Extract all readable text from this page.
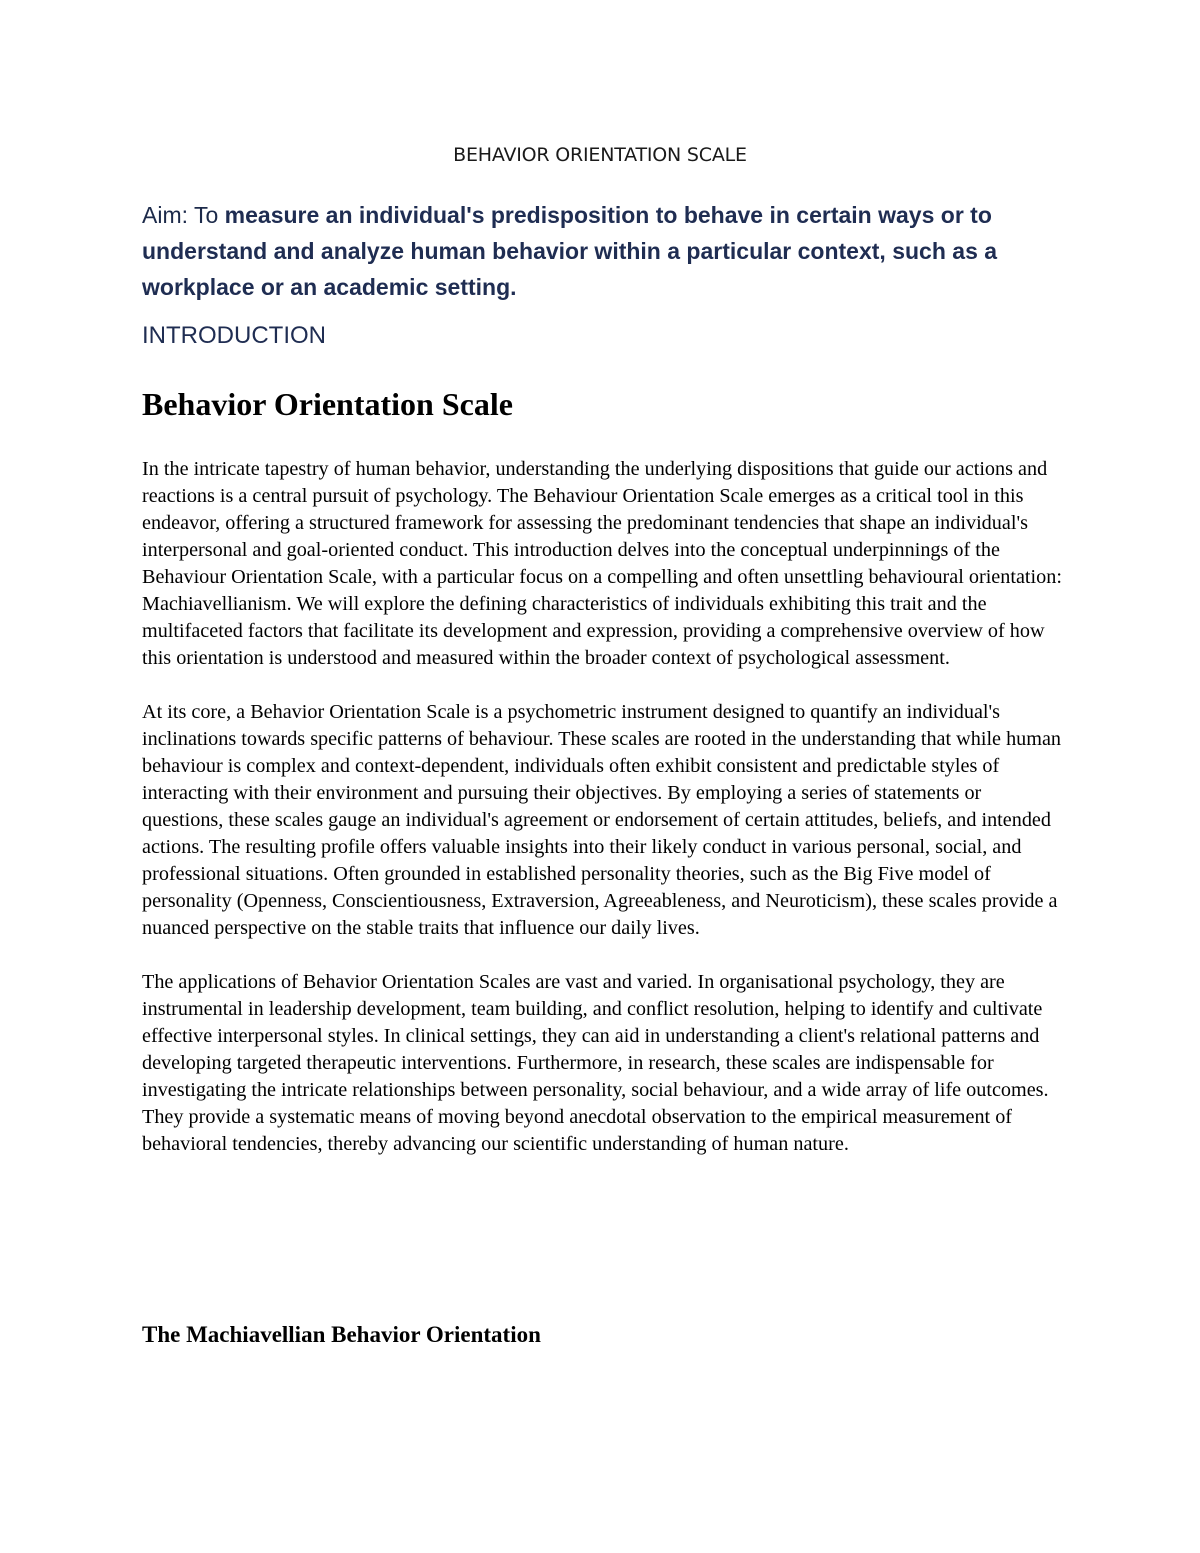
BEHAVIOR ORIENTATION SCALE
Aim: To measure an individual's predisposition to behave in certain ways or to understand and analyze human behavior within a particular context, such as a workplace or an academic setting.
INTRODUCTION
Behavior Orientation Scale

In the intricate tapestry of human behavior, understanding the underlying dispositions that guide our actions and reactions is a central pursuit of psychology. The Behaviour Orientation Scale emerges as a critical tool in this endeavor, offering a structured framework for assessing the predominant tendencies that shape an individual's interpersonal and goal-oriented conduct. This introduction delves into the conceptual underpinnings of the Behaviour Orientation Scale, with a particular focus on a compelling and often unsettling behavioural orientation: Machiavellianism. We will explore the defining characteristics of individuals exhibiting this trait and the multifaceted factors that facilitate its development and expression, providing a comprehensive overview of how this orientation is understood and measured within the broader context of psychological assessment.

At its core, a Behavior Orientation Scale is a psychometric instrument designed to quantify an individual's inclinations towards specific patterns of behaviour. These scales are rooted in the understanding that while human behaviour is complex and context-dependent, individuals often exhibit consistent and predictable styles of interacting with their environment and pursuing their objectives. By employing a series of statements or questions, these scales gauge an individual's agreement or endorsement of certain attitudes, beliefs, and intended actions. The resulting profile offers valuable insights into their likely conduct in various personal, social, and professional situations. Often grounded in established personality theories, such as the Big Five model of personality (Openness, Conscientiousness, Extraversion, Agreeableness, and Neuroticism), these scales provide a nuanced perspective on the stable traits that influence our daily lives.

The applications of Behavior Orientation Scales are vast and varied. In organisational psychology, they are instrumental in leadership development, team building, and conflict resolution, helping to identify and cultivate effective interpersonal styles. In clinical settings, they can aid in understanding a client's relational patterns and developing targeted therapeutic interventions. Furthermore, in research, these scales are indispensable for investigating the intricate relationships between personality, social behaviour, and a wide array of life outcomes. They provide a systematic means of moving beyond anecdotal observation to the empirical measurement of behavioral tendencies, thereby advancing our scientific understanding of human nature.

The Machiavellian Behavior Orientation
